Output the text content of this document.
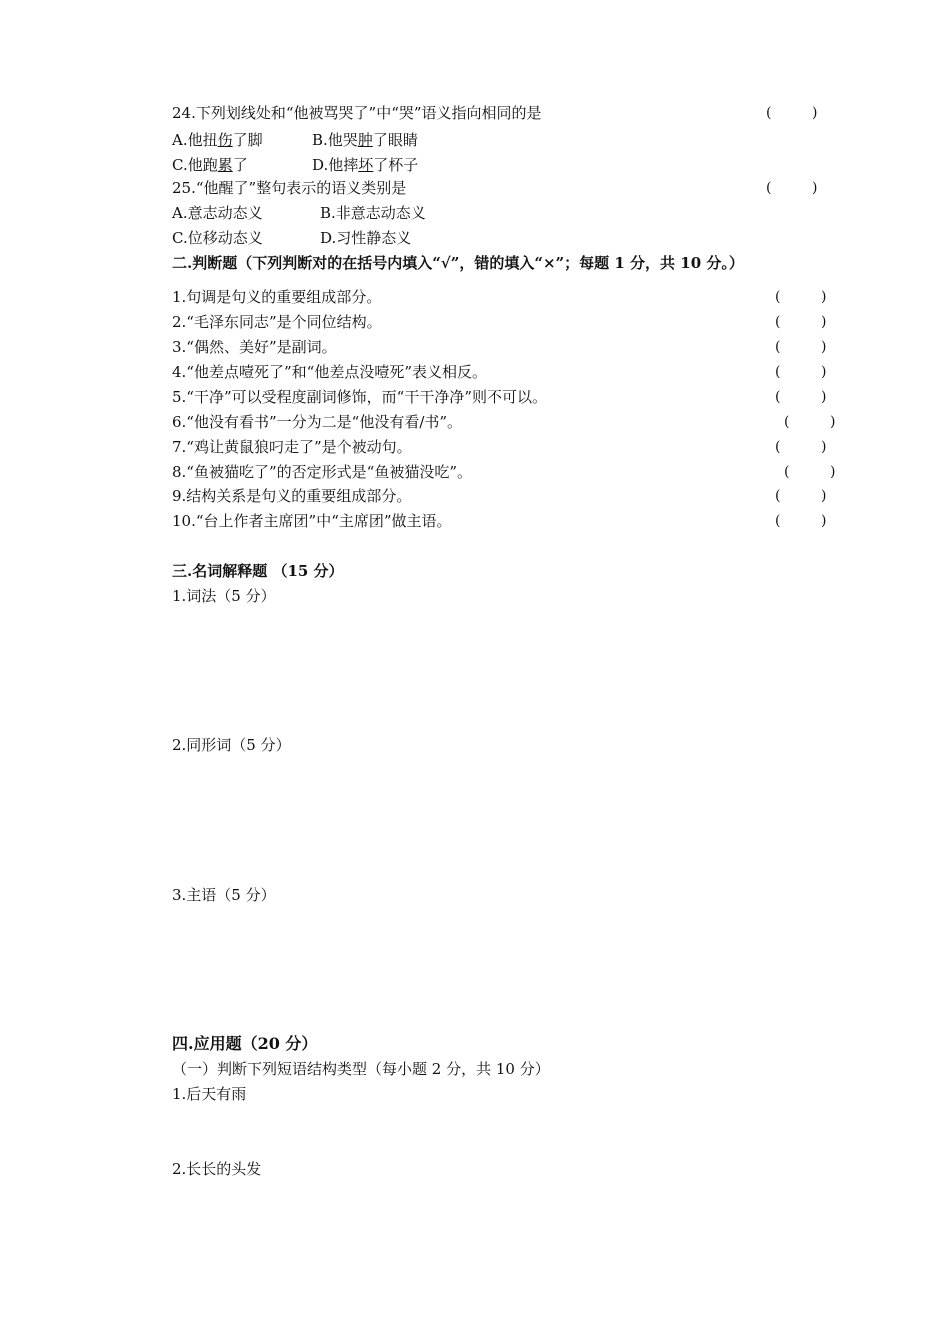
24.下列划线处和“他被骂哭了”中“哭”语义指向相同的是	(	)
A.他扭伤了脚	B.他哭肿了眼睛
C.他跑累了	D.他摔坏了杯子
25.“他醒了”整句表示的语义类别是	(	)
A.意志动态义	B.非意志动态义
C.位移动态义	D.习性静态义
二.判断题（下列判断对的在括号内填入“√”，错的填入“×”；每题 1 分，共 10 分。）
1.句调是句义的重要组成部分。	(	)
2.“毛泽东同志”是个同位结构。	(	)
3.“偶然、美好”是副词。	(	)
4.“他差点噎死了”和“他差点没噎死”表义相反。	(	)
5.“干净”可以受程度副词修饰，而“干干净净”则不可以。	(	)
6.“他没有看书”一分为二是“他没有看/书”。	(	)
7.“鸡让黄鼠狼叼走了”是个被动句。	(	)
8.“鱼被猫吃了”的否定形式是“鱼被猫没吃”。	(	)
9.结构关系是句义的重要组成部分。	(	)
10.“台上作者主席团”中“主席团”做主语。	(	)
三.名词解释题 （15 分）
1.词法（5 分）
2.同形词（5 分）
3.主语（5 分）
四.应用题（20 分）
（一）判断下列短语结构类型（每小题 2 分，共 10 分）
1.后天有雨
2.长长的头发
